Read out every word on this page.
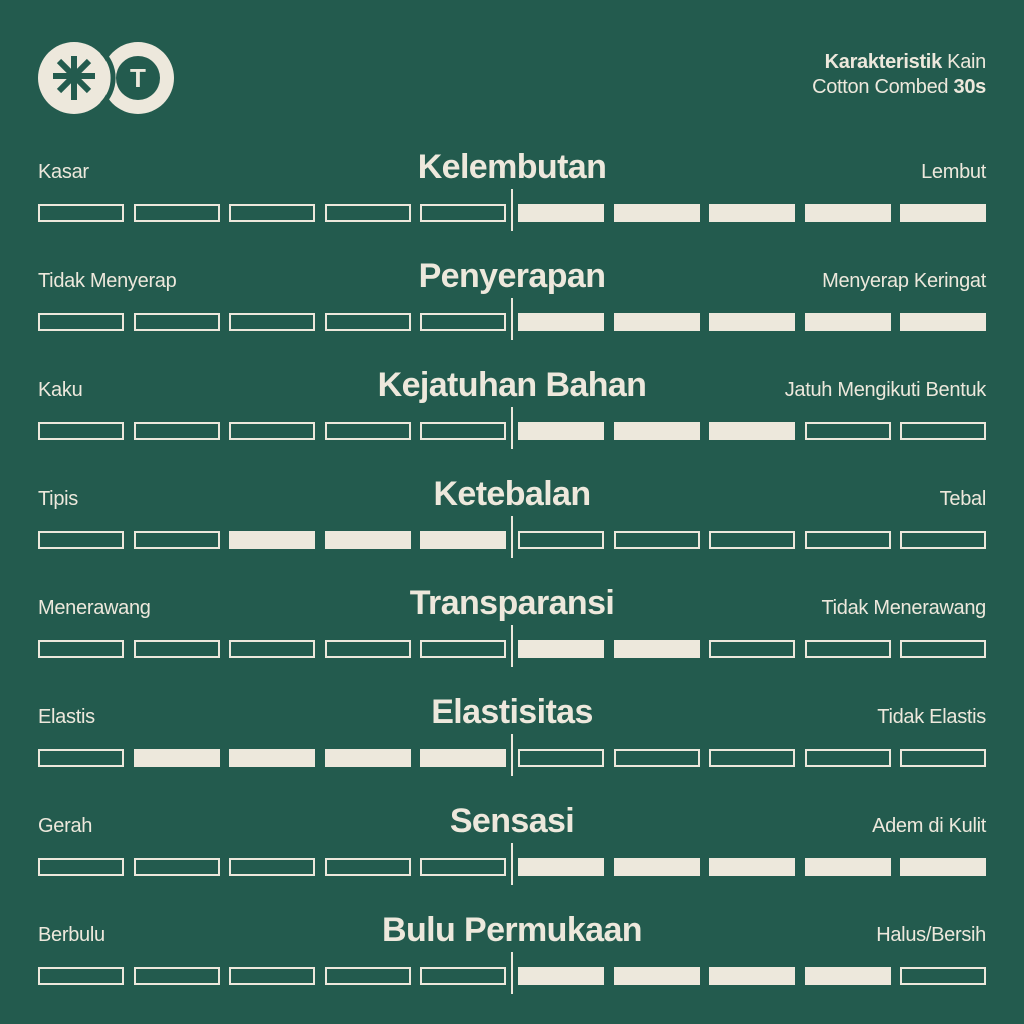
T
Karakteristik Kain
Cotton Combed 30s
Kasar	Kelembutan	Lembut
Tidak Menyerap	Penyerapan	Menyerap Keringat
Kaku	Kejatuhan Bahan	Jatuh Mengikuti Bentuk
Tipis	Ketebalan	Tebal
Menerawang	Transparansi	Tidak Menerawang
Elastis	Elastisitas	Tidak Elastis
Gerah	Sensasi	Adem di Kulit
Berbulu	Bulu Permukaan	Halus/Bersih
